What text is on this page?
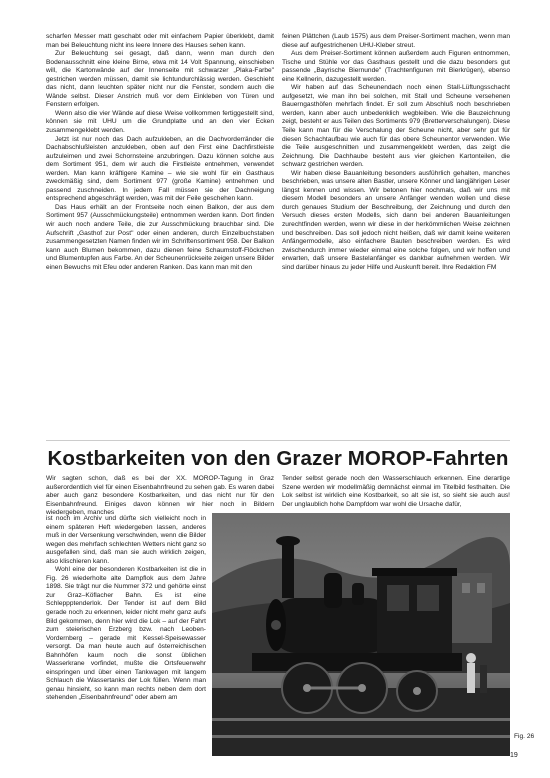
scharfen Messer matt geschabt oder mit einfachem Papier überklebt, damit man bei Beleuchtung nicht ins leere Innere des Hauses sehen kann.

Zur Beleuchtung sei gesagt, daß dann, wenn man durch den Bodenausschnitt eine kleine Birne, etwa mit 14 Volt Spannung, einschieben will, die Kartonwände auf der Innenseite mit schwarzer „Plaka-Farbe" gestrichen werden müssen, damit sie lichtundurchlässig werden. Geschieht das nicht, dann leuchten später nicht nur die Fenster, sondern auch die Wände selbst. Dieser Anstrich muß vor dem Einkleben von Türen und Fenstern erfolgen.

Wenn also die vier Wände auf diese Weise vollkommen fertiggestellt sind, können sie mit UHU um die Grundplatte und an den vier Ecken zusammengeklebt werden.

Jetzt ist nur noch das Dach aufzukleben, an die Dachvorderränder die Dachabschlußleisten anzukleben, oben auf den First eine Dachfirstleiste aufzuleimen und zwei Schornsteine anzubringen. Dazu können solche aus dem Sortiment 951, dem wir auch die Firstleiste entnehmen, verwendet werden. Man kann kräftigere Kamine – wie sie wohl für ein Gasthaus zweckmäßig sind, dem Sortiment 977 (große Kamine) entnehmen und passend zuschneiden. In jedem Fall müssen sie der Dachneigung entsprechend abgeschrägt werden, was mit der Feile geschehen kann.

Das Haus erhält an der Frontseite noch einen Balkon, der aus dem Sortiment 957 (Ausschmückungsteile) entnommen werden kann. Dort finden wir auch noch andere Teile, die zur Ausschmückung brauchbar sind. Die Aufschrift „Gasthof zur Post" oder einen anderen, durch Einzelbuchstaben zusammengesetzten Namen finden wir im Schriftensortiment 958. Der Balkon kann auch Blumen bekommen, dazu dienen feine Schaumstoff-Flöckchen und Blumentupfen aus Farbe. An der Scheunenrückseite zeigen unsere Bilder einen Bewuchs mit Efeu oder anderen Ranken. Das kann man mit den

feinen Plättchen (Laub 1575) aus dem Preiser-Sortiment machen, wenn man diese auf aufgestrichenen UHU-Kleber streut.

Aus dem Preiser-Sortiment können außerdem auch Figuren entnommen, Tische und Stühle vor das Gasthaus gestellt und die dazu besonders gut passende „Bayrische Biernunde" (Trachtenfiguren mit Bierkrügen), ebenso eine Kellnerin, dazugestellt werden.

Wir haben auf das Scheunendach noch einen Stall-Lüftungsschacht aufgesetzt, wie man ihn bei solchen, mit Stall und Scheune versehenen Bauerngasthöfen mehrfach findet. Er soll zum Abschluß noch beschrieben werden, kann aber auch unbedenklich wegbleiben. Wie die Bauzeichnung zeigt, besteht er aus Teilen des Sortiments 979 (Bretterverschalungen). Diese Teile kann man für die Verschalung der Scheune nicht, aber sehr gut für diesen Schachtaufbau wie auch für das obere Scheunentor verwenden. Wie die Teile ausgeschnitten und zusammengeklebt werden, das zeigt die Zeichnung. Die Dachhaube besteht aus vier gleichen Kartonteilen, die schwarz gestrichen werden.

Wir haben diese Bauanleitung besonders ausführlich gehalten, manches beschrieben, was unsere alten Bastler, unsere Könner und langjährigen Leser längst kennen und wissen. Wir betonen hier nochmals, daß wir uns mit diesem Modell besonders an unsere Anfänger wenden wollen und diese durch genaues Studium der Beschreibung, der Zeichnung und durch den Versuch dieses ersten Modells, sich dann bei anderen Bauanleitungen zurechtfinden werden, wenn wir diese in der herkömmlichen Weise zeichnen und beschreiben. Das soll jedoch nicht heißen, daß wir damit keine weiteren Anfängermodelle, also einfachere Bauten beschreiben werden. Es wird zwischendurch immer wieder einmal eine solche folgen, und wir hoffen und erwarten, daß unsere Bastelanfänger es dankbar aufnehmen werden. Wir sind darüber hinaus zu jeder Hilfe und Auskunft bereit. Ihre Redaktion FM

Kostbarkeiten von den Grazer MOROP-Fahrten

Wir sagten schon, daß es bei der XX. MOROP-Tagung in Graz außerordentlich viel für einen Eisenbahnfreund zu sehen gab. Es waren dabei aber auch ganz besondere Kostbarkeiten, und das nicht nur für den Eisenbahnfreund. Einiges davon können wir hier noch in Bildern wiedergeben, manches

Tender selbst gerade noch den Wasserschlauch erkennen. Eine derartige Szene werden wir modellmäßig demnächst einmal im Titelbild festhalten. Die Lok selbst ist wirklich eine Kostbarkeit, so alt sie ist, so sieht sie auch aus! Der unglaublich hohe Dampfdom war wohl die Ursache dafür,

ist noch im Archiv und dürfte sich vielleicht noch in einem späteren Heft wiedergeben lassen, anderes muß in der Versenkung verschwinden, wenn die Bilder wegen des mehrfach schlechten Wetters nicht ganz so ausgefallen sind, daß man sie auch wirklich zeigen, also klischieren kann.

Wohl eine der besonderen Kostbarkeiten ist die in Fig. 26 wiederholte alte Dampflok aus dem Jahre 1898. Sie trägt nur die Nummer 372 und gehörte einst zur Graz–Köflacher Bahn. Es ist eine Schleppptenderlok. Der Tender ist auf dem Bild gerade noch zu erkennen, leider nicht mehr ganz aufs Bild gekommen, denn hier wird die Lok – auf der Fahrt zum steierischen Erzberg bzw. nach Leoben-Vordernberg – gerade mit Kessel-Speisewasser versorgt. Da man heute auch auf österreichischen Bahnhöfen kaum noch die sonst üblichen Wasserkrane vorfindet, mußte die Ortsfeuerwehr einspringen und über einen Tankwagen mit langem Schlauch die Wassertanks der Lok füllen. Wenn man genau hinsieht, so kann man rechts neben dem dort stehenden „Eisenbahnfreund" oder abem am

Fig. 26
19
